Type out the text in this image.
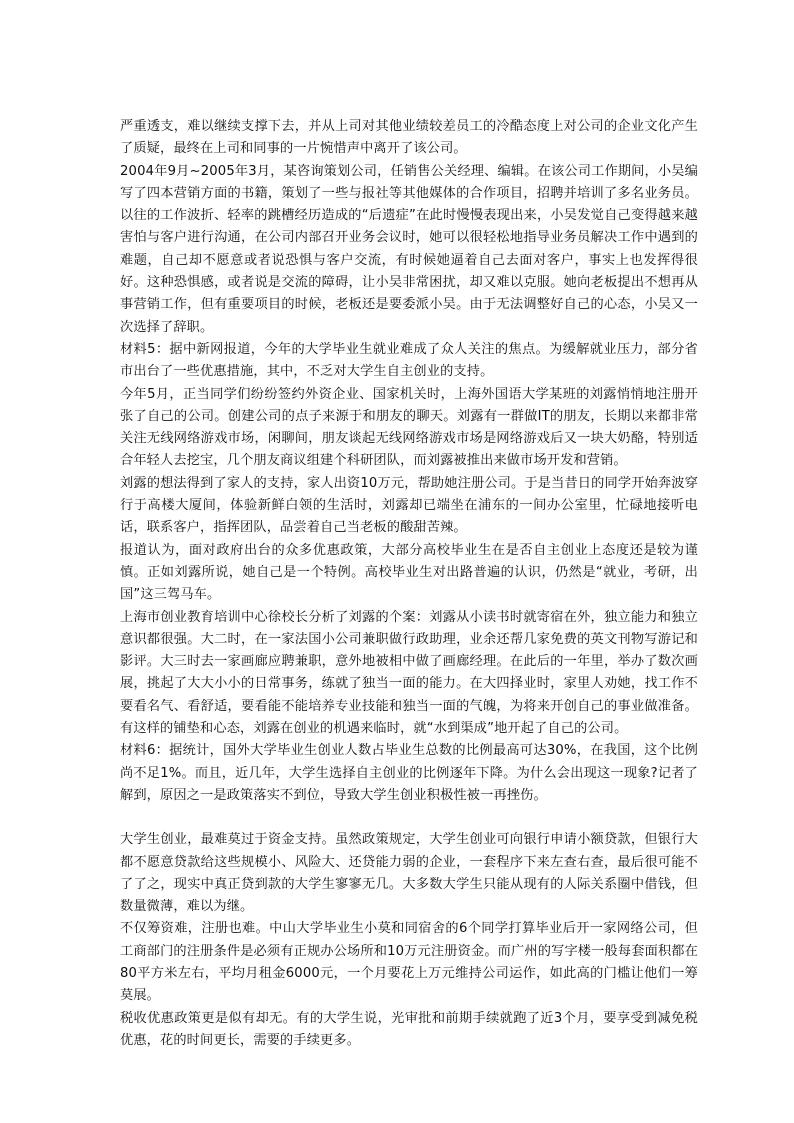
严重透支，难以继续支撑下去，并从上司对其他业绩较差员工的冷酷态度上对公司的企业文化产生了质疑，最终在上司和同事的一片惋惜声中离开了该公司。

2004年9月~2005年3月，某咨询策划公司，任销售公关经理、编辑。在该公司工作期间，小吴编写了四本营销方面的书籍，策划了一些与报社等其他媒体的合作项目，招聘并培训了多名业务员。以往的工作波折、轻率的跳槽经历造成的“后遗症”在此时慢慢表现出来，小吴发觉自己变得越来越害怕与客户进行沟通，在公司内部召开业务会议时，她可以很轻松地指导业务员解决工作中遇到的难题，自己却不愿意或者说恐惧与客户交流，有时候她逼着自己去面对客户，事实上也发挥得很好。这种恐惧感，或者说是交流的障碍，让小吴非常困扰，却又难以克服。她向老板提出不想再从事营销工作，但有重要项目的时候，老板还是要委派小吴。由于无法调整好自己的心态，小吴又一次选择了辞职。

材料5：据中新网报道，今年的大学毕业生就业难成了众人关注的焦点。为缓解就业压力，部分省市出台了一些优惠措施，其中，不乏对大学生自主创业的支持。

今年5月，正当同学们纷纷签约外资企业、国家机关时，上海外国语大学某班的刘露悄悄地注册开张了自己的公司。创建公司的点子来源于和朋友的聊天。刘露有一群做IT的朋友，长期以来都非常关注无线网络游戏市场，闲聊间，朋友谈起无线网络游戏市场是网络游戏后又一块大奶酪，特别适合年轻人去挖宝，几个朋友商议组建个科研团队，而刘露被推出来做市场开发和营销。

刘露的想法得到了家人的支持，家人出资10万元，帮助她注册公司。于是当昔日的同学开始奔波穿行于高楼大厦间，体验新鲜白领的生活时，刘露却已端坐在浦东的一间办公室里，忙碌地接听电话，联系客户，指挥团队，品尝着自己当老板的酸甜苦辣。

报道认为，面对政府出台的众多优惠政策，大部分高校毕业生在是否自主创业上态度还是较为谨慎。正如刘露所说，她自己是一个特例。高校毕业生对出路普遍的认识，仍然是“就业，考研，出国”这三驾马车。

上海市创业教育培训中心徐校长分析了刘露的个案：刘露从小读书时就寄宿在外，独立能力和独立意识都很强。大二时，在一家法国小公司兼职做行政助理，业余还帮几家免费的英文刊物写游记和影评。大三时去一家画廊应聘兼职，意外地被相中做了画廊经理。在此后的一年里，举办了数次画展，挑起了大大小小的日常事务，练就了独当一面的能力。在大四择业时，家里人劝她，找工作不要看名气、看舒适，要看能不能培养专业技能和独当一面的气魄，为将来开创自己的事业做准备。有这样的铺垫和心态，刘露在创业的机遇来临时，就“水到渠成”地开起了自己的公司。

材料6：据统计，国外大学毕业生创业人数占毕业生总数的比例最高可达30%，在我国，这个比例尚不足1%。而且，近几年，大学生选择自主创业的比例逐年下降。为什么会出现这一现象?记者了解到，原因之一是政策落实不到位，导致大学生创业积极性被一再挫伤。

大学生创业，最难莫过于资金支持。虽然政策规定，大学生创业可向银行申请小额贷款，但银行大都不愿意贷款给这些规模小、风险大、还贷能力弱的企业，一套程序下来左查右查，最后很可能不了了之，现实中真正贷到款的大学生寥寥无几。大多数大学生只能从现有的人际关系圈中借钱，但数量微薄，难以为继。

不仅筹资难，注册也难。中山大学毕业生小莫和同宿舍的6个同学打算毕业后开一家网络公司，但工商部门的注册条件是必须有正规办公场所和10万元注册资金。而广州的写字楼一般每套面积都在80平方米左右，平均月租金6000元，一个月要花上万元维持公司运作，如此高的门槛让他们一筹莫展。

税收优惠政策更是似有却无。有的大学生说，光审批和前期手续就跑了近3个月，要享受到减免税优惠，花的时间更长，需要的手续更多。
